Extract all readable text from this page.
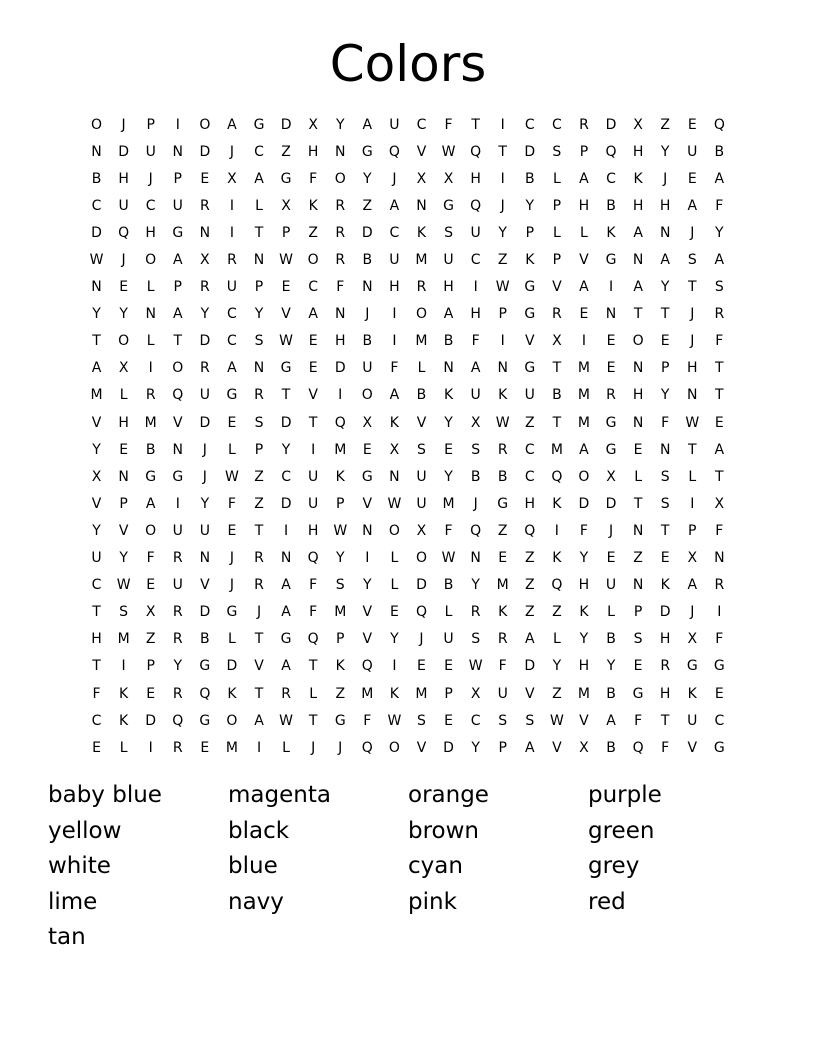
Colors
O	J	P	I	O	A	G	D	X	Y	A	U	C	F	T	I	C	C	R	D	X	Z	E	Q
N	D	U	N	D	J	C	Z	H	N	G	Q	V	W	Q	T	D	S	P	Q	H	Y	U	B
B	H	J	P	E	X	A	G	F	O	Y	J	X	X	H	I	B	L	A	C	K	J	E	A
C	U	C	U	R	I	L	X	K	R	Z	A	N	G	Q	J	Y	P	H	B	H	H	A	F
D	Q	H	G	N	I	T	P	Z	R	D	C	K	S	U	Y	P	L	L	K	A	N	J	Y
W	J	O	A	X	R	N	W	O	R	B	U	M	U	C	Z	K	P	V	G	N	A	S	A
N	E	L	P	R	U	P	E	C	F	N	H	R	H	I	W	G	V	A	I	A	Y	T	S
Y	Y	N	A	Y	C	Y	V	A	N	J	I	O	A	H	P	G	R	E	N	T	T	J	R
T	O	L	T	D	C	S	W	E	H	B	I	M	B	F	I	V	X	I	E	O	E	J	F
A	X	I	O	R	A	N	G	E	D	U	F	L	N	A	N	G	T	M	E	N	P	H	T
M	L	R	Q	U	G	R	T	V	I	O	A	B	K	U	K	U	B	M	R	H	Y	N	T
V	H	M	V	D	E	S	D	T	Q	X	K	V	Y	X	W	Z	T	M	G	N	F	W	E
Y	E	B	N	J	L	P	Y	I	M	E	X	S	E	S	R	C	M	A	G	E	N	T	A
X	N	G	G	J	W	Z	C	U	K	G	N	U	Y	B	B	C	Q	O	X	L	S	L	T
V	P	A	I	Y	F	Z	D	U	P	V	W	U	M	J	G	H	K	D	D	T	S	I	X
Y	V	O	U	U	E	T	I	H	W	N	O	X	F	Q	Z	Q	I	F	J	N	T	P	F
U	Y	F	R	N	J	R	N	Q	Y	I	L	O	W	N	E	Z	K	Y	E	Z	E	X	N
C	W	E	U	V	J	R	A	F	S	Y	L	D	B	Y	M	Z	Q	H	U	N	K	A	R
T	S	X	R	D	G	J	A	F	M	V	E	Q	L	R	K	Z	Z	K	L	P	D	J	I
H	M	Z	R	B	L	T	G	Q	P	V	Y	J	U	S	R	A	L	Y	B	S	H	X	F
T	I	P	Y	G	D	V	A	T	K	Q	I	E	E	W	F	D	Y	H	Y	E	R	G	G
F	K	E	R	Q	K	T	R	L	Z	M	K	M	P	X	U	V	Z	M	B	G	H	K	E
C	K	D	Q	G	O	A	W	T	G	F	W	S	E	C	S	S	W	V	A	F	T	U	C
E	L	I	R	E	M	I	L	J	J	Q	O	V	D	Y	P	A	V	X	B	Q	F	V	G
baby blue	magenta	orange	purple
yellow	black	brown	green
white	blue	cyan	grey
lime	navy	pink	red
tan
